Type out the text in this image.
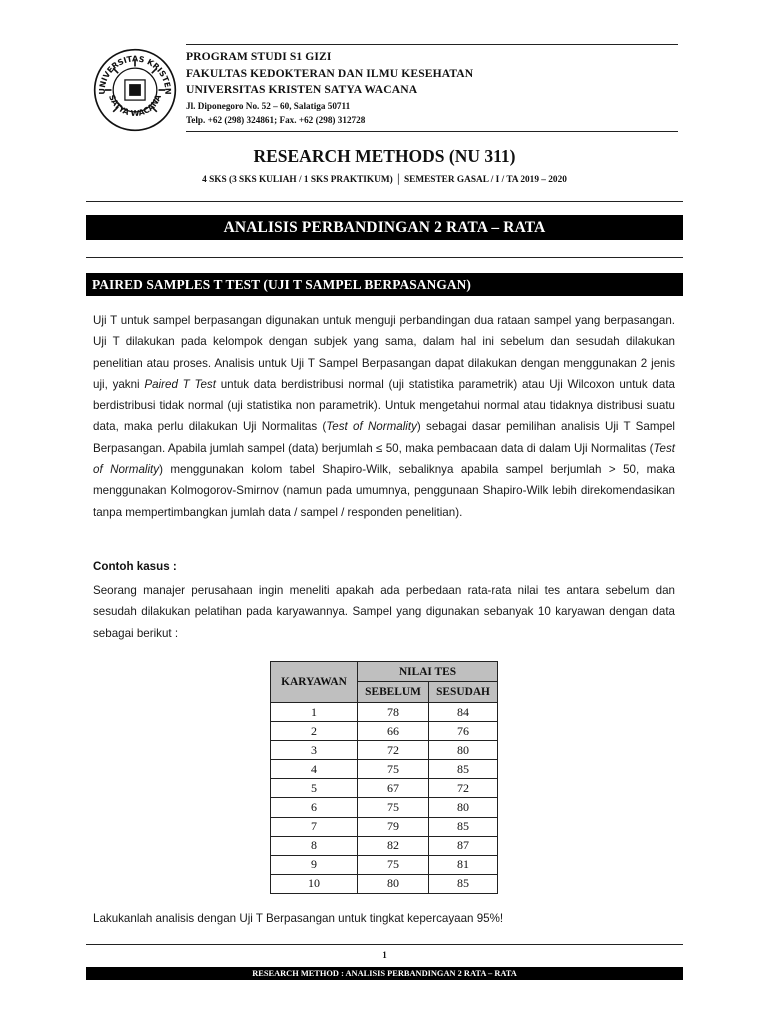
UNIVERSITAS KRISTEN
SATYA WACANA
PROGRAM STUDI S1 GIZI
FAKULTAS KEDOKTERAN DAN ILMU KESEHATAN
UNIVERSITAS KRISTEN SATYA WACANA
Jl. Diponegoro No. 52 – 60, Salatiga 50711
Telp. +62 (298) 324861; Fax. +62 (298) 312728
RESEARCH METHODS (NU 311)
4 SKS (3 SKS KULIAH / 1 SKS PRAKTIKUM) │ SEMESTER GASAL / I / TA 2019 – 2020
ANALISIS PERBANDINGAN 2 RATA – RATA
PAIRED SAMPLES T TEST (UJI T SAMPEL BERPASANGAN)
Uji T untuk sampel berpasangan digunakan untuk menguji perbandingan dua rataan sampel yang berpasangan. Uji T dilakukan pada kelompok dengan subjek yang sama, dalam hal ini sebelum dan sesudah dilakukan penelitian atau proses. Analisis untuk Uji T Sampel Berpasangan dapat dilakukan dengan menggunakan 2 jenis uji, yakni Paired T Test untuk data berdistribusi normal (uji statistika parametrik) atau Uji Wilcoxon untuk data berdistribusi tidak normal (uji statistika non parametrik). Untuk mengetahui normal atau tidaknya distribusi suatu data, maka perlu dilakukan Uji Normalitas (Test of Normality) sebagai dasar pemilihan analisis Uji T Sampel Berpasangan. Apabila jumlah sampel (data) berjumlah ≤ 50, maka pembacaan data di dalam Uji Normalitas (Test of Normality) menggunakan kolom tabel Shapiro-Wilk, sebaliknya apabila sampel berjumlah > 50, maka menggunakan Kolmogorov-Smirnov (namun pada umumnya, penggunaan Shapiro-Wilk lebih direkomendasikan tanpa mempertimbangkan jumlah data / sampel / responden penelitian).
Contoh kasus :
Seorang manajer perusahaan ingin meneliti apakah ada perbedaan rata-rata nilai tes antara sebelum dan sesudah dilakukan pelatihan pada karyawannya. Sampel yang digunakan sebanyak 10 karyawan dengan data sebagai berikut :
KARYAWAN	NILAI TES	
	SEBELUM	SESUDAH
1	78	84
2	66	76
3	72	80
4	75	85
5	67	72
6	75	80
7	79	85
8	82	87
9	75	81
10	80	85
Lakukanlah analisis dengan Uji T Berpasangan untuk tingkat kepercayaan 95%!
1
RESEARCH METHOD : ANALISIS PERBANDINGAN 2 RATA – RATA
